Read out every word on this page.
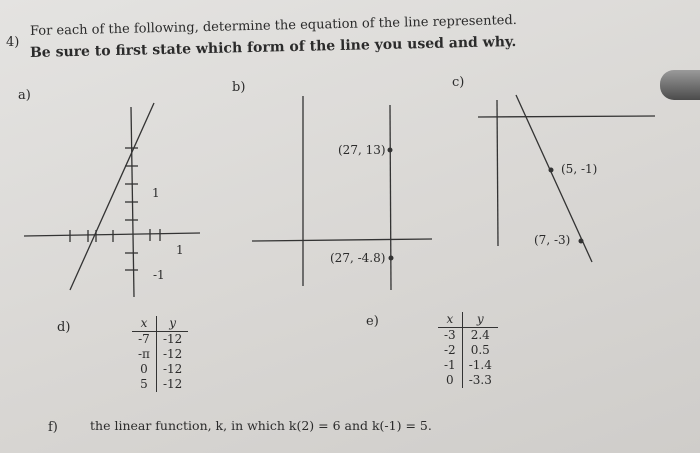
4)
For each of the following, determine the equation of the line represented.
Be sure to first state which form of the line you used and why.
a)
b)	c)
1
1
-1
(27, 13)
(27, -4.8)
(5, -1)
(7, -3)
d)	x	y
-7	-12
-π	-12
0	-12
5	-12
e)	x	y
-3	2.4
-2	0.5
-1	-1.4
0	-3.3
f)	the linear function, k, in which k(2) = 6 and k(-1) = 5.
